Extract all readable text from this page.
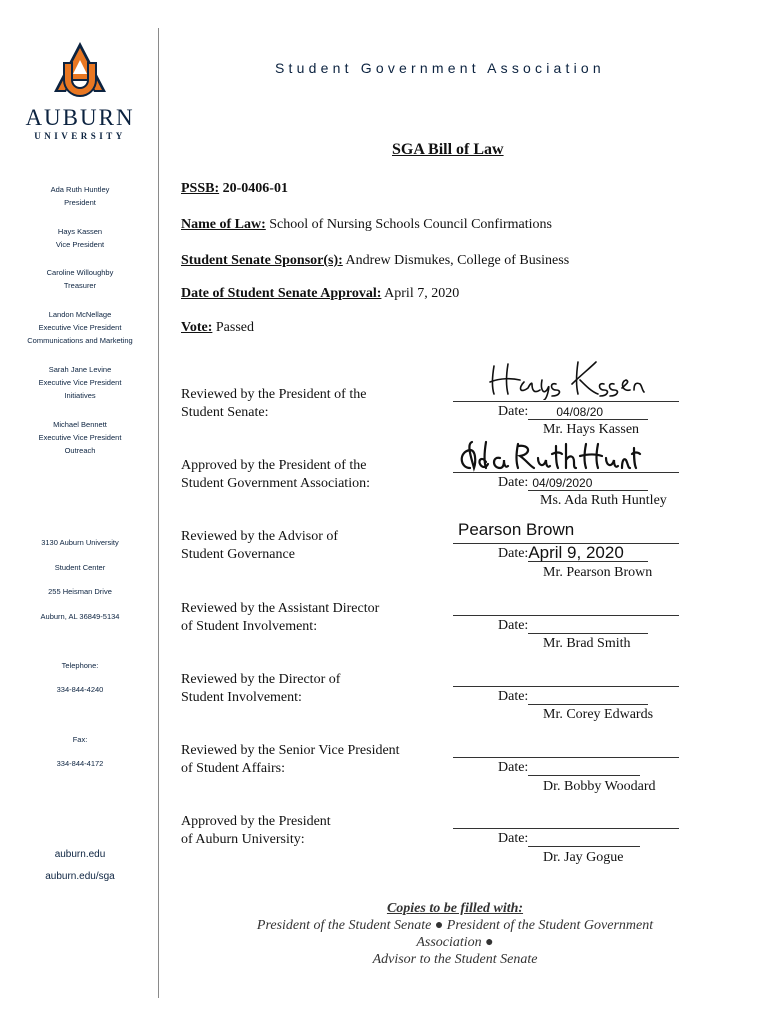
AUBURN
UNIVERSITY
Ada Ruth Huntley
President
Hays Kassen
Vice President
Caroline Willoughby
Treasurer
Landon McNellage
Executive Vice President
Communications and Marketing
Sarah Jane Levine
Executive Vice President
Initiatives
Michael Bennett
Executive Vice President
Outreach
3130 Auburn University
Student Center
255 Heisman Drive
Auburn, AL 36849-5134
Telephone:
334-844-4240
Fax:
334-844-4172
auburn.edu
auburn.edu/sga
Student Government Association
SGA Bill of Law
PSSB: 20-0406-01
Name of Law: School of Nursing Schools Council Confirmations
Student Senate Sponsor(s): Andrew Dismukes, College of Business
Date of Student Senate Approval: April 7, 2020
Vote: Passed
Reviewed by the President of the
Student Senate:	Date: 04/08/20
Mr. Hays Kassen
Approved by the President of the
Student Government Association:	Date: 04/09/2020
Ms. Ada Ruth Huntley
Reviewed by the Advisor of
Student Governance
Pearson Brown
Date: April 9, 2020
Mr. Pearson Brown
Reviewed by the Assistant Director
of Student Involvement:	Date:
Mr. Brad Smith
Reviewed by the Director of
Student Involvement:	Date:
Mr. Corey Edwards
Reviewed by the Senior Vice President
of Student Affairs:	Date:
Dr. Bobby Woodard
Approved by the President
of Auburn University:	Date:
Dr. Jay Gogue
Copies to be filled with:
President of the Student Senate ● President of the Student Government
Association ●
Advisor to the Student Senate
